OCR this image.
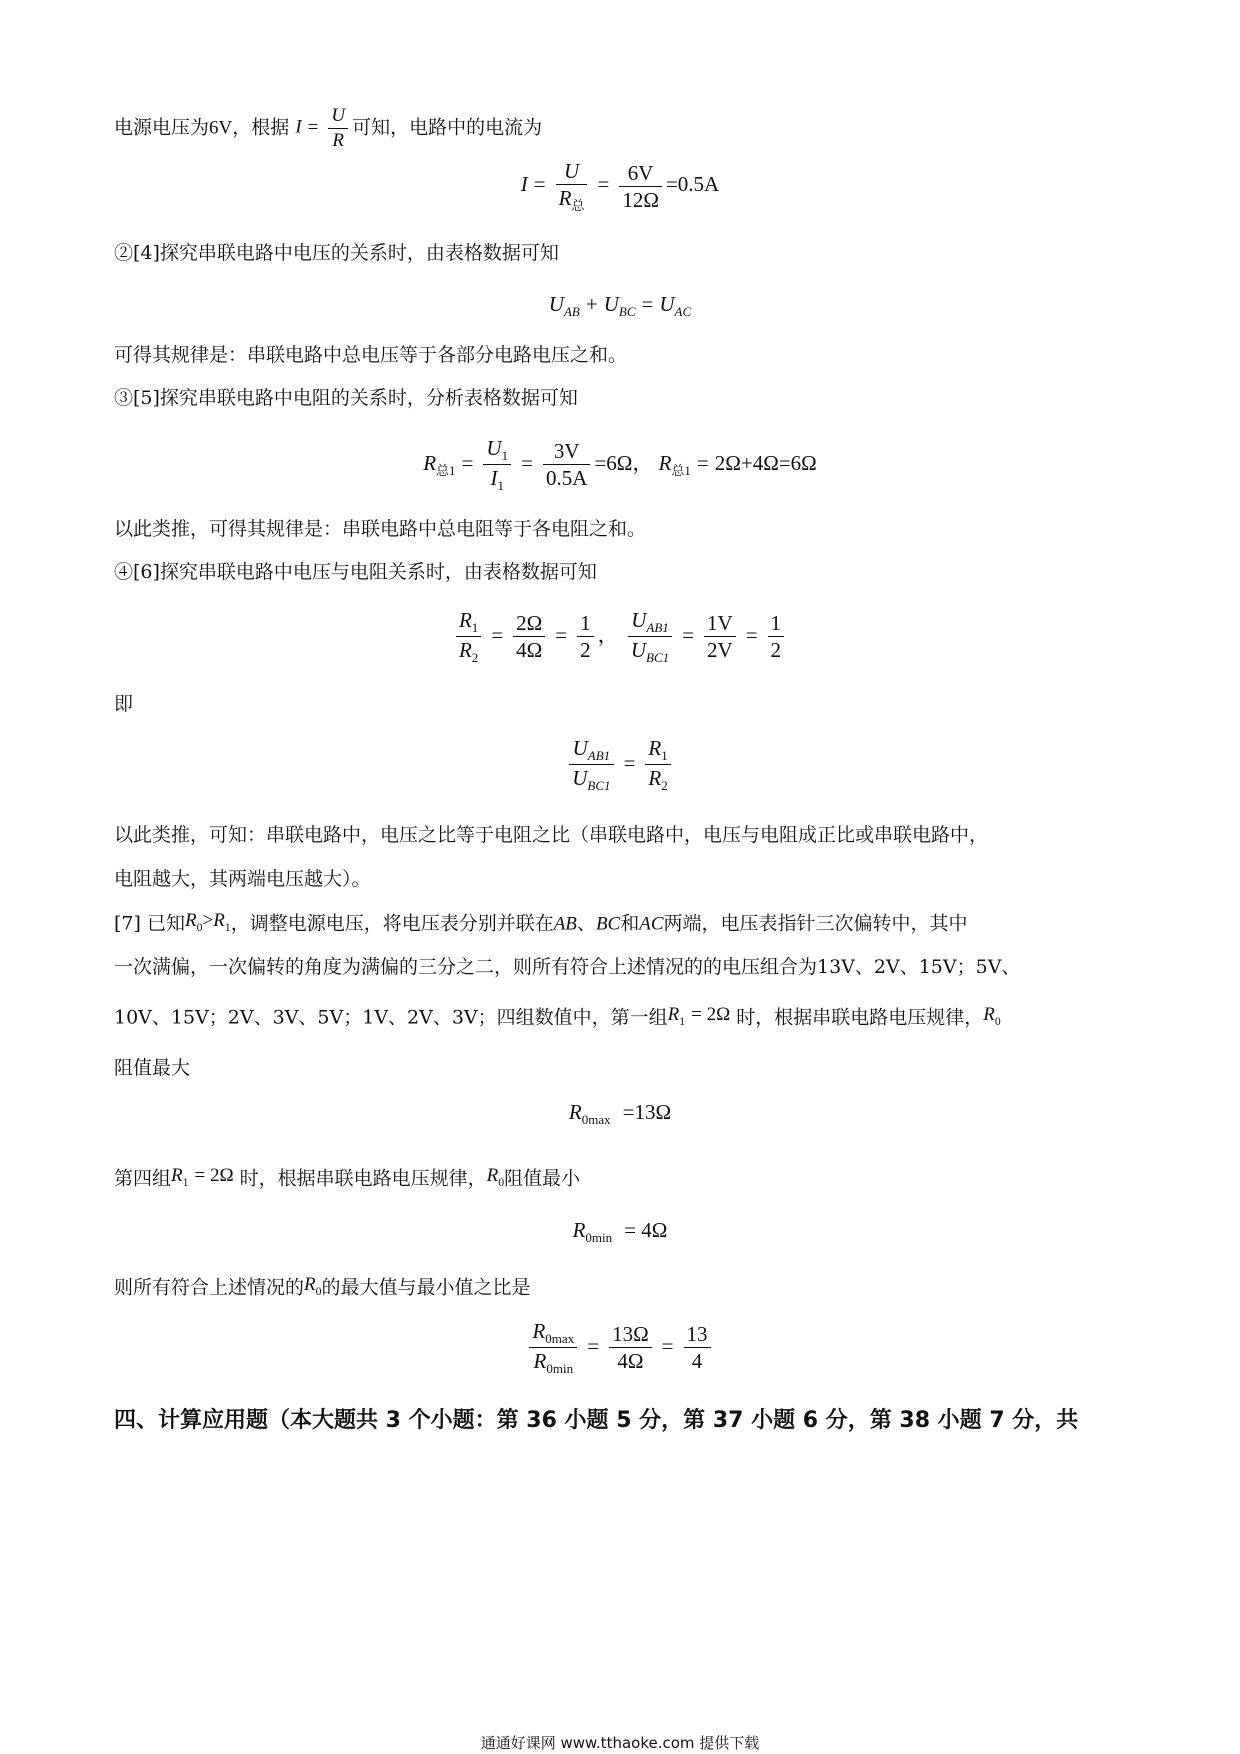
电源电压为6V，根据 $I = \frac{U}{R}$ 可知，电路中的电流为
$I = \frac{U}{R_总} = \frac{6V}{12\Omega} =0.5A$
②[4]探究串联电路中电压的关系时，由表格数据可知
$U_{AB} + U_{BC} = U_{AC}$
可得其规律是：串联电路中总电压等于各部分电路电压之和。
③[5]探究串联电路中电阻的关系时，分析表格数据可知
$R_{总1} = \frac{U_1}{I_1} = \frac{3V}{0.5A} =6\Omega$， $R_{总1} = 2\Omega+4\Omega=6\Omega$
以此类推，可得其规律是：串联电路中总电阻等于各电阻之和。
④[6]探究串联电路中电压与电阻关系时，由表格数据可知
$\frac{R_1}{R_2} = \frac{2\Omega}{4\Omega} = \frac{1}{2}$ ， $\frac{U_{AB1}}{U_{BC1}} = \frac{1V}{2V} = \frac{1}{2}$
即
$\frac{U_{AB1}}{U_{BC1}} = \frac{R_1}{R_2}$
以此类推，可知：串联电路中，电压之比等于电阻之比（串联电路中，电压与电阻成正比或串联电路中，
电阻越大，其两端电压越大）。
[7] 已知$R_0>R_1$，调整电源电压，将电压表分别并联在AB、BC和AC两端，电压表指针三次偏转中，其中
一次满偏，一次偏转的角度为满偏的三分之二，则所有符合上述情况的的电压组合为13V、2V、15V；5V、
10V、15V；2V、3V、5V；1V、2V、3V；四组数值中，第一组$R_1 = 2\Omega$ 时，根据串联电路电压规律，$R_0$
阻值最大
$R_{0max} =13\Omega$
第四组$R_1 = 2\Omega$ 时，根据串联电路电压规律，$R_0$阻值最小
$R_{0min} = 4\Omega$
则所有符合上述情况的$R_0$的最大值与最小值之比是
$\frac{R_{0max}}{R_{0min}} = \frac{13\Omega}{4\Omega} = \frac{13}{4}$
四、计算应用题（本大题共 3 个小题：第 36 小题 5 分，第 37 小题 6 分，第 38 小题 7 分，共
通通好课网 www.tthaoke.com 提供下载
